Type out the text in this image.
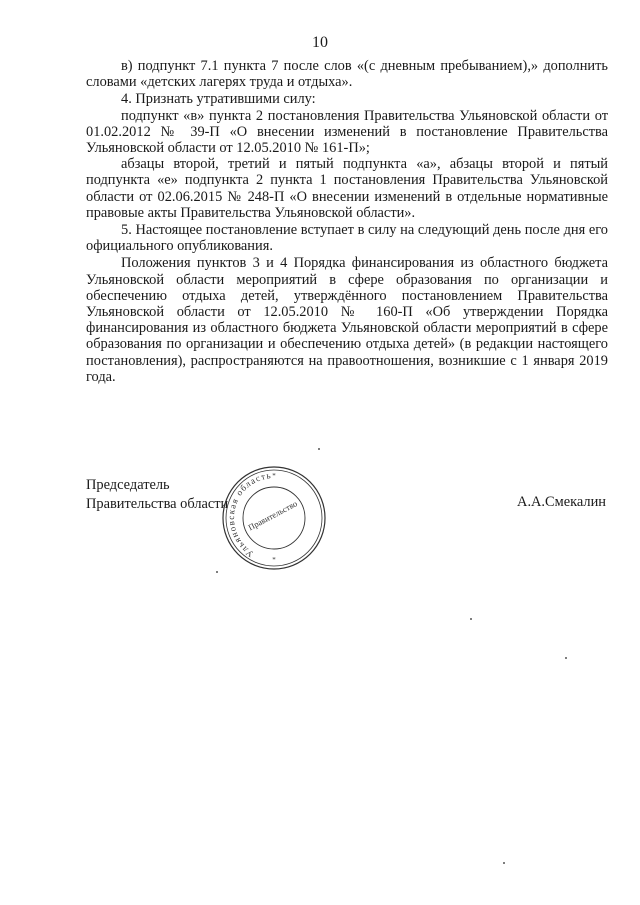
10

в) подпункт 7.1 пункта 7 после слов «(с дневным пребыванием),» дополнить словами «детских лагерях труда и отдыха».

4. Признать утратившими силу:

подпункт «в» пункта 2 постановления Правительства Ульяновской области от 01.02.2012 № 39-П «О внесении изменений в постановление Правительства Ульяновской области от 12.05.2010 № 161-П»;

абзацы второй, третий и пятый подпункта «а», абзацы второй и пятый подпункта «е» подпункта 2 пункта 1 постановления Правительства Ульяновской области от 02.06.2015 № 248-П «О внесении изменений в отдельные нормативные правовые акты Правительства Ульяновской области».

5. Настоящее постановление вступает в силу на следующий день после дня его официального опубликования.

Положения пунктов 3 и 4 Порядка финансирования из областного бюджета Ульяновской области мероприятий в сфере образования по организации и обеспечению отдыха детей, утверждённого постановлением Правительства Ульяновской области от 12.05.2010 № 160-П «Об утверждении Порядка финансирования из областного бюджета Ульяновской области мероприятий в сфере образования по организации и обеспечению отдыха детей» (в редакции настоящего постановления), распространяются на правоотношения, возникшие с 1 января 2019 года.

Председатель
Правительства области	А.А.Смекалин
Ульяновская область
Правительство
*
*
